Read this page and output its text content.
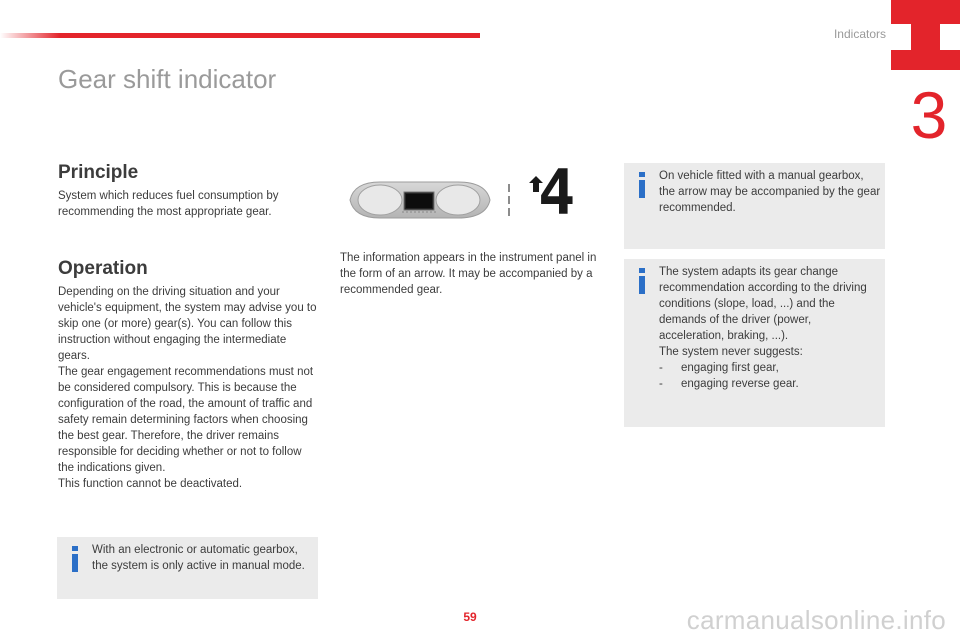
Indicators
3
Gear shift indicator
Principle
System which reduces fuel consumption by recommending the most appropriate gear.
Operation

Depending on the driving situation and your vehicle's equipment, the system may advise you to skip one (or more) gear(s). You can follow this instruction without engaging the intermediate gears.

The gear engagement recommendations must not be considered compulsory. This is because the configuration of the road, the amount of traffic and safety remain determining factors when choosing the best gear. Therefore, the driver remains responsible for deciding whether or not to follow the indications given.

This function cannot be deactivated.

With an electronic or automatic gearbox, the system is only active in manual mode.
4
The information appears in the instrument panel in the form of an arrow. It may be accompanied by a recommended gear.
On vehicle fitted with a manual gearbox, the arrow may be accompanied by the gear recommended.

The system adapts its gear change recommendation according to the driving conditions (slope, load, ...) and the demands of the driver (power, acceleration, braking, ...).

The system never suggests:

-	engaging first gear,
-	engaging reverse gear.
59	carmanualsonline.info
